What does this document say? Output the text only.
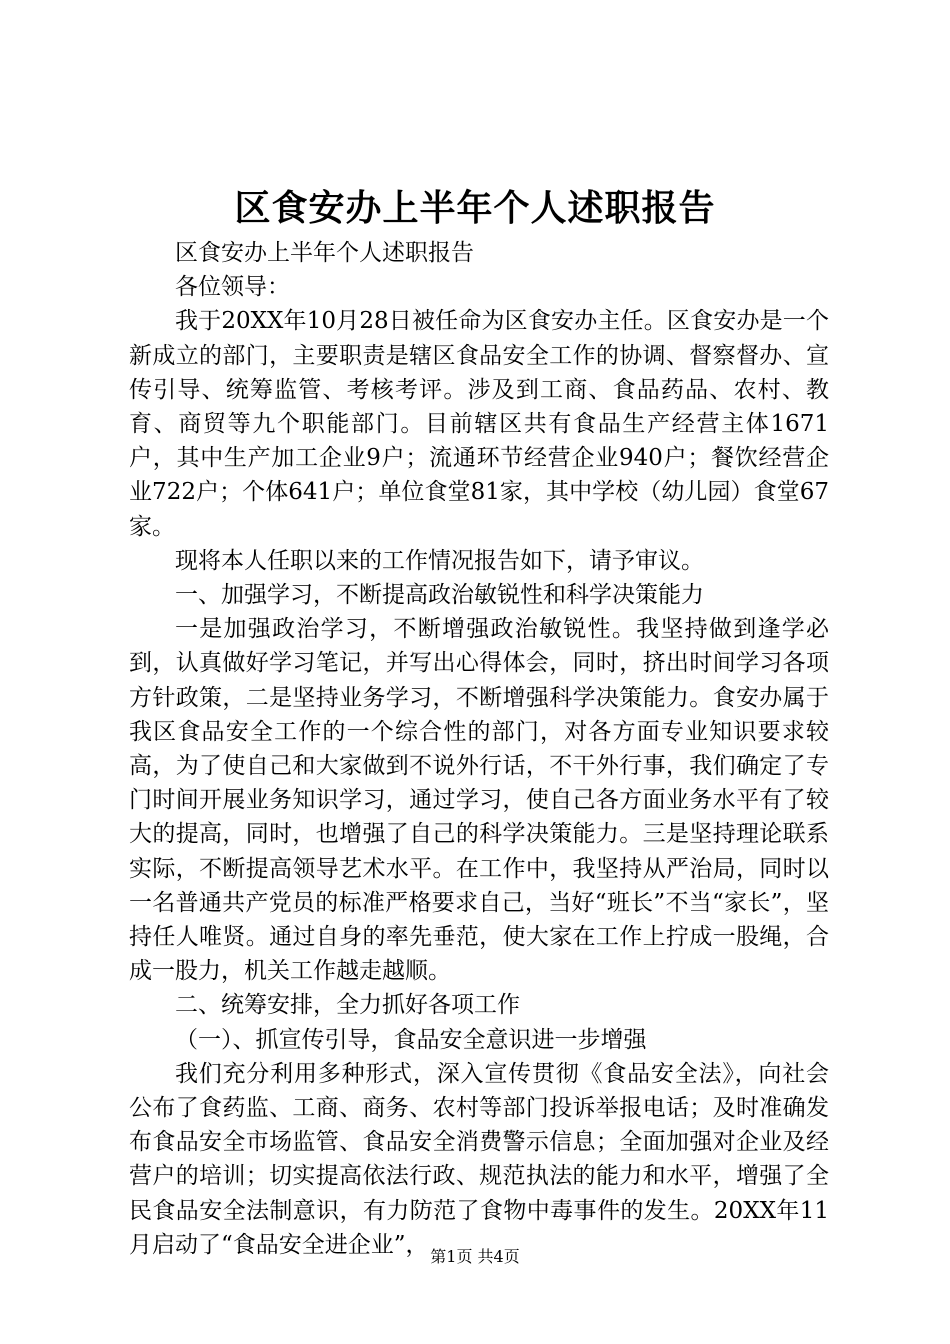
区食安办上半年个人述职报告

区食安办上半年个人述职报告

各位领导：

我于20XX年10月28日被任命为区食安办主任。区食安办是一个新成立的部门，主要职责是辖区食品安全工作的协调、督察督办、宣传引导、统筹监管、考核考评。涉及到工商、食品药品、农村、教育、商贸等九个职能部门。目前辖区共有食品生产经营主体1671户，其中生产加工企业9户；流通环节经营企业940户；餐饮经营企业722户；个体641户；单位食堂81家，其中学校（幼儿园）食堂67家。

现将本人任职以来的工作情况报告如下，请予审议。

一、加强学习，不断提高政治敏锐性和科学决策能力

一是加强政治学习，不断增强政治敏锐性。我坚持做到逢学必到，认真做好学习笔记，并写出心得体会，同时，挤出时间学习各项方针政策，二是坚持业务学习，不断增强科学决策能力。食安办属于我区食品安全工作的一个综合性的部门，对各方面专业知识要求较高，为了使自己和大家做到不说外行话，不干外行事，我们确定了专门时间开展业务知识学习，通过学习，使自己各方面业务水平有了较大的提高，同时，也增强了自己的科学决策能力。三是坚持理论联系实际，不断提高领导艺术水平。在工作中，我坚持从严治局，同时以一名普通共产党员的标准严格要求自己，当好“班长”不当“家长”，坚持任人唯贤。通过自身的率先垂范，使大家在工作上拧成一股绳，合成一股力，机关工作越走越顺。

二、统筹安排，全力抓好各项工作

（一）、抓宣传引导，食品安全意识进一步增强

我们充分利用多种形式，深入宣传贯彻《食品安全法》，向社会公布了食药监、工商、商务、农村等部门投诉举报电话；及时准确发布食品安全市场监管、食品安全消费警示信息；全面加强对企业及经营户的培训；切实提高依法行政、规范执法的能力和水平，增强了全民食品安全法制意识，有力防范了食物中毒事件的发生。20XX年11月启动了“食品安全进企业”， 第1页 共4页
